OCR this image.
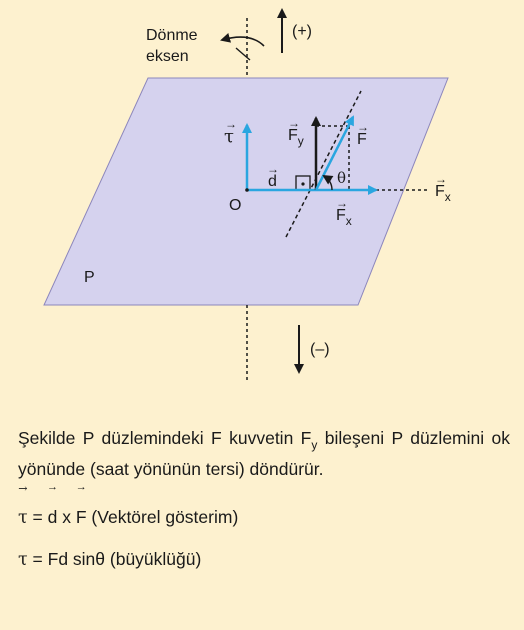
Dönme
eksen
(+)
P
(–)
τ
→
d
→	θ
O
F
→
$F_y$
→
$F_x$
→
$F_x$
→

Şekilde P düzlemindeki F kuvvetin $F_y$ bileşeni P düzlemini ok yönünde (saat yönünün tersi) döndürür.

→ τ = → d x → F (Vektörel gösterim)

τ = Fd sinθ (büyüklüğü)
